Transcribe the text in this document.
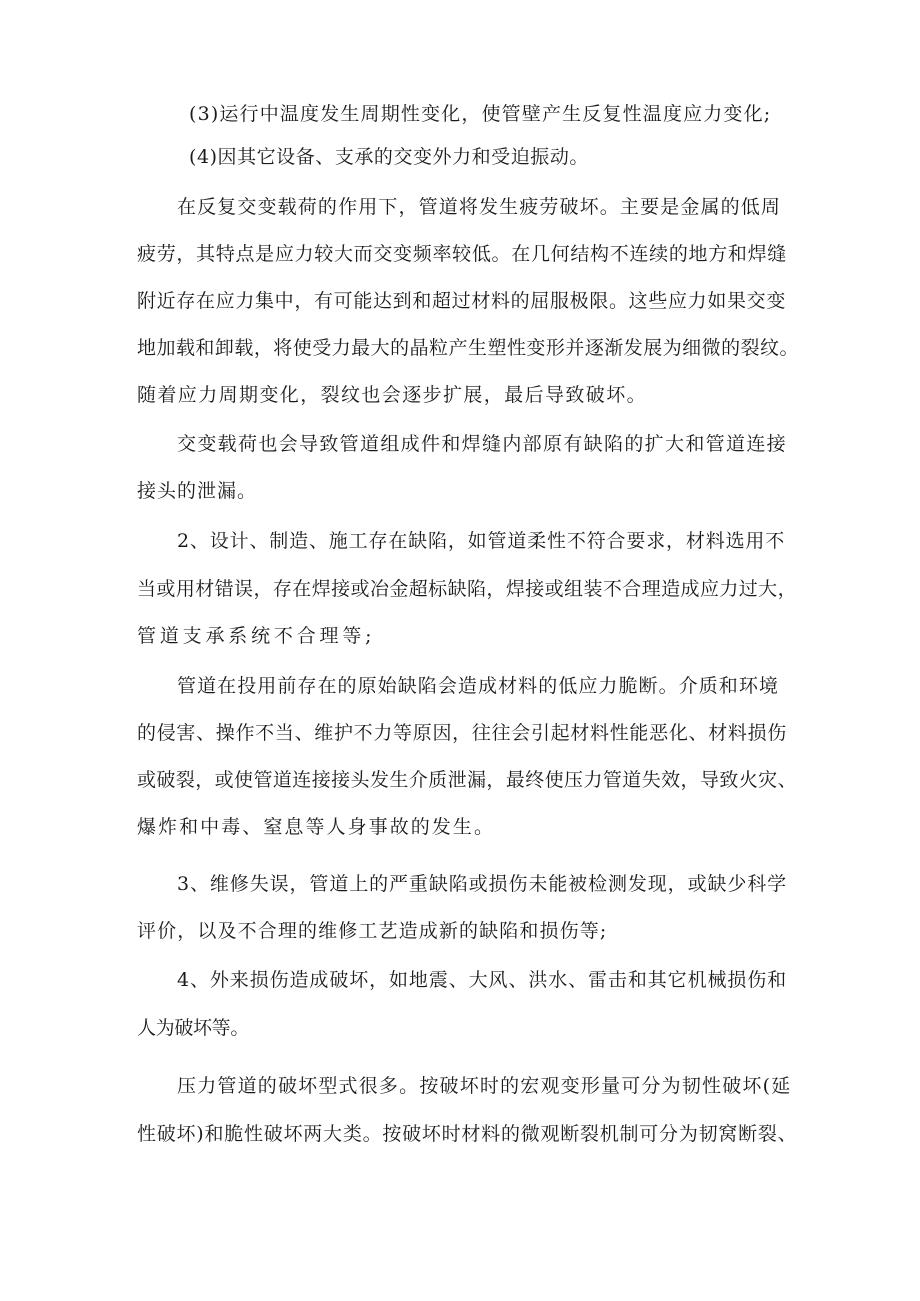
(3)运行中温度发生周期性变化，使管壁产生反复性温度应力变化;

(4)因其它设备、支承的交变外力和受迫振动。

在反复交变载荷的作用下，管道将发生疲劳破坏。主要是金属的低周

疲劳，其特点是应力较大而交变频率较低。在几何结构不连续的地方和焊缝

附近存在应力集中，有可能达到和超过材料的屈服极限。这些应力如果交变

地加载和卸载，将使受力最大的晶粒产生塑性变形并逐渐发展为细微的裂纹。

随着应力周期变化，裂纹也会逐步扩展，最后导致破坏。

交变载荷也会导致管道组成件和焊缝内部原有缺陷的扩大和管道连接

接头的泄漏。

2、设计、制造、施工存在缺陷，如管道柔性不符合要求，材料选用不

当或用材错误，存在焊接或冶金超标缺陷，焊接或组装不合理造成应力过大，

管道支承系统不合理等;

管道在投用前存在的原始缺陷会造成材料的低应力脆断。介质和环境

的侵害、操作不当、维护不力等原因，往往会引起材料性能恶化、材料损伤

或破裂，或使管道连接接头发生介质泄漏，最终使压力管道失效，导致火灾、

爆炸和中毒、窒息等人身事故的发生。

3、维修失误，管道上的严重缺陷或损伤未能被检测发现，或缺少科学

评价，以及不合理的维修工艺造成新的缺陷和损伤等;

4、外来损伤造成破坏，如地震、大风、洪水、雷击和其它机械损伤和

人为破坏等。

压力管道的破坏型式很多。按破坏时的宏观变形量可分为韧性破坏(延

性破坏)和脆性破坏两大类。按破坏时材料的微观断裂机制可分为韧窝断裂、
